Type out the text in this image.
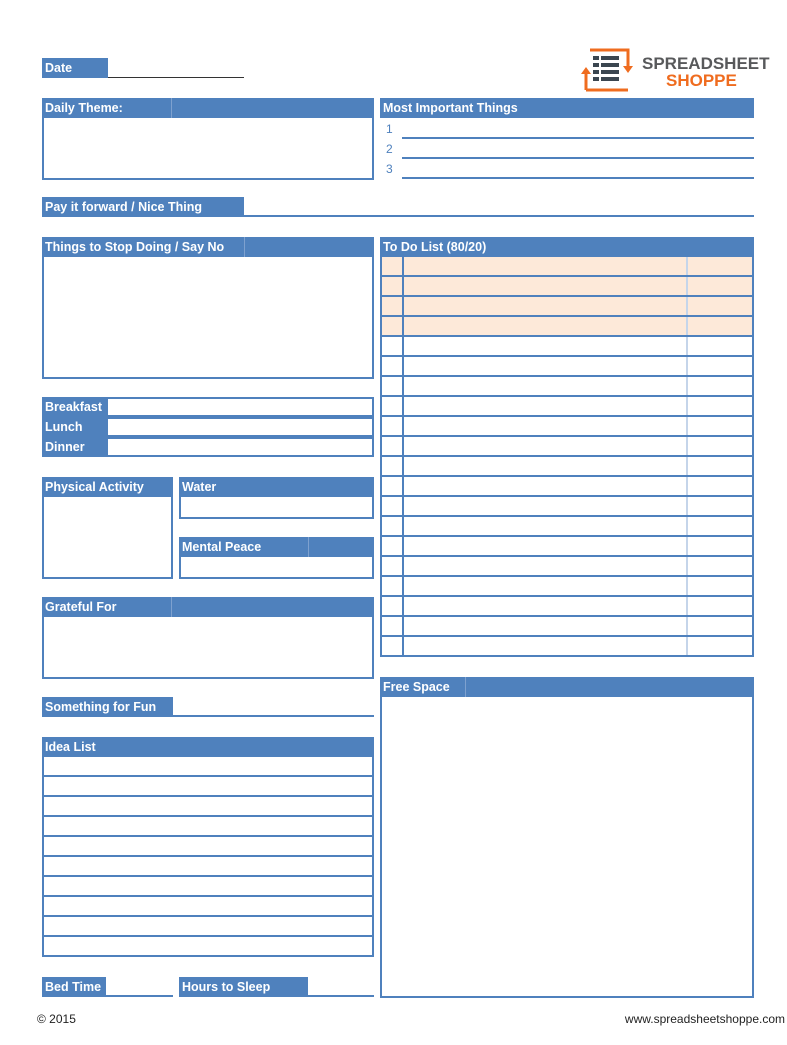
SPREADSHEET
SHOPPE
Date
Daily Theme:	Most Important Things
1
2
3
Pay it forward / Nice Thing
Things to Stop Doing / Say No	To Do List (80/20)
Breakfast
Lunch
Dinner
Physical Activity	Water
Mental Peace
Grateful For
Something for Fun
Free Space
Idea List
Bed Time	Hours to Sleep
© 2015	www.spreadsheetshoppe.com
